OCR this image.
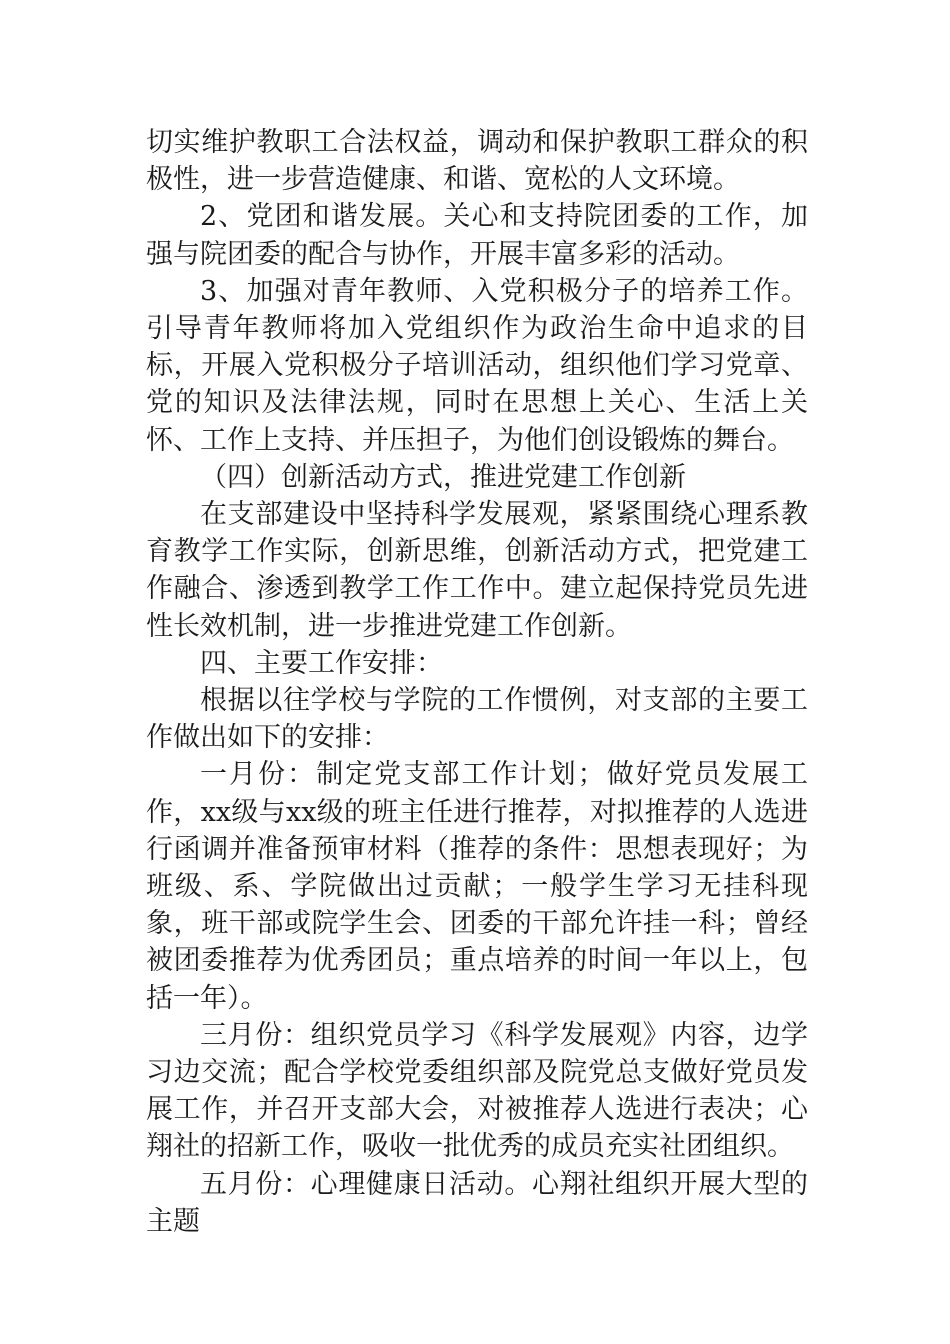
切实维护教职工合法权益，调动和保护教职工群众的积极性，进一步营造健康、和谐、宽松的人文环境。

2、党团和谐发展。关心和支持院团委的工作，加强与院团委的配合与协作，开展丰富多彩的活动。

3、加强对青年教师、入党积极分子的培养工作。引导青年教师将加入党组织作为政治生命中追求的目标，开展入党积极分子培训活动，组织他们学习党章、党的知识及法律法规，同时在思想上关心、生活上关怀、工作上支持、并压担子，为他们创设锻炼的舞台。

（四）创新活动方式，推进党建工作创新

在支部建设中坚持科学发展观，紧紧围绕心理系教育教学工作实际，创新思维，创新活动方式，把党建工作融合、渗透到教学工作工作中。建立起保持党员先进性长效机制，进一步推进党建工作创新。

四、主要工作安排：

根据以往学校与学院的工作惯例，对支部的主要工作做出如下的安排：

一月份：制定党支部工作计划；做好党员发展工作，xx级与xx级的班主任进行推荐，对拟推荐的人选进行函调并准备预审材料（推荐的条件：思想表现好；为班级、系、学院做出过贡献；一般学生学习无挂科现象，班干部或院学生会、团委的干部允许挂一科；曾经被团委推荐为优秀团员；重点培养的时间一年以上，包括一年）。

三月份：组织党员学习《科学发展观》内容，边学习边交流；配合学校党委组织部及院党总支做好党员发展工作，并召开支部大会，对被推荐人选进行表决；心翔社的招新工作，吸收一批优秀的成员充实社团组织。

五月份：心理健康日活动。心翔社组织开展大型的主题
